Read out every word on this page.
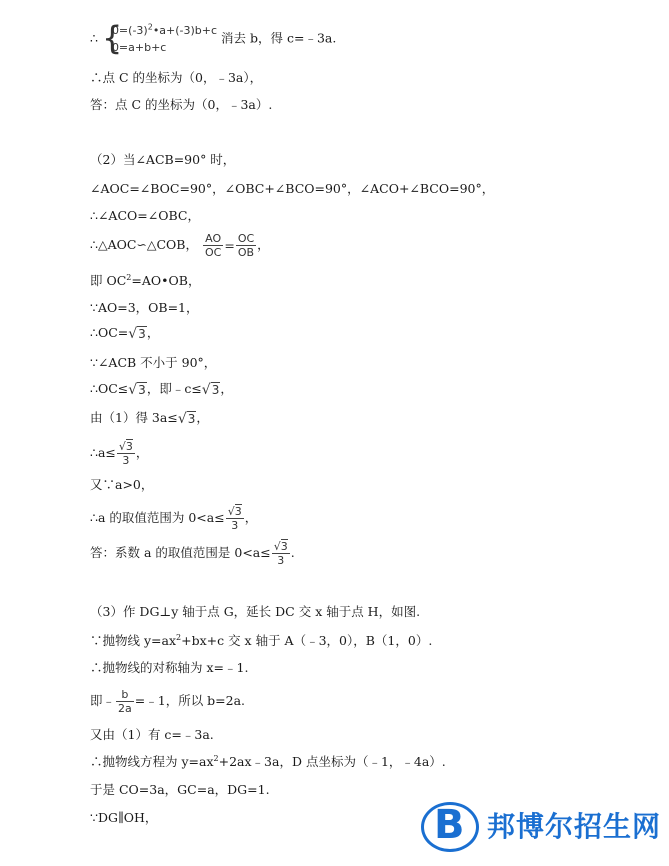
∴ {
$0=(-3)^2•a+(-3)b+c$
0=a+b+c
消去 b，得 c=﹣3a.
∴点 C 的坐标为（0，﹣3a），
答：点 C 的坐标为（0，﹣3a）.
（2）当∠ACB=90° 时，
∠AOC=∠BOC=90°，∠OBC+∠BCO=90°，∠ACO+∠BCO=90°，
∴∠ACO=∠OBC，
∴△AOC∽△COB， $\frac{AO}{OC} = \frac{OC}{OB}$ ，
即 $OC^2=AO•OB$，
∵AO=3，OB=1，
∴OC=√3，
∵∠ACB 不小于 90°，
∴OC≤√3，即﹣c≤√3，
由（1）得 3a≤√3，
∴a≤ $\frac{√3}{3}$ ，
又∵a>0，
∴a 的取值范围为 $0<a\le \frac{√3}{3}$ ，
答：系数 a 的取值范围是 $0<a\le \frac{√3}{3}$ .
（3）作 DG⊥y 轴于点 G，延长 DC 交 x 轴于点 H，如图.
∵抛物线 $y=ax^2+bx+c$ 交 x 轴于 A（﹣3，0），B（1，0）.
∴抛物线的对称轴为 x=﹣1.
即﹣ $\frac{b}{2a}$ =﹣1，所以 b=2a.
又由（1）有 c=﹣3a.
∴抛物线方程为 $y=ax^2+2ax﹣3a$，D 点坐标为（﹣1，﹣4a）.
于是 CO=3a，GC=a，DG=1.
∵DG∥OH，	B 邦博尔招生网
